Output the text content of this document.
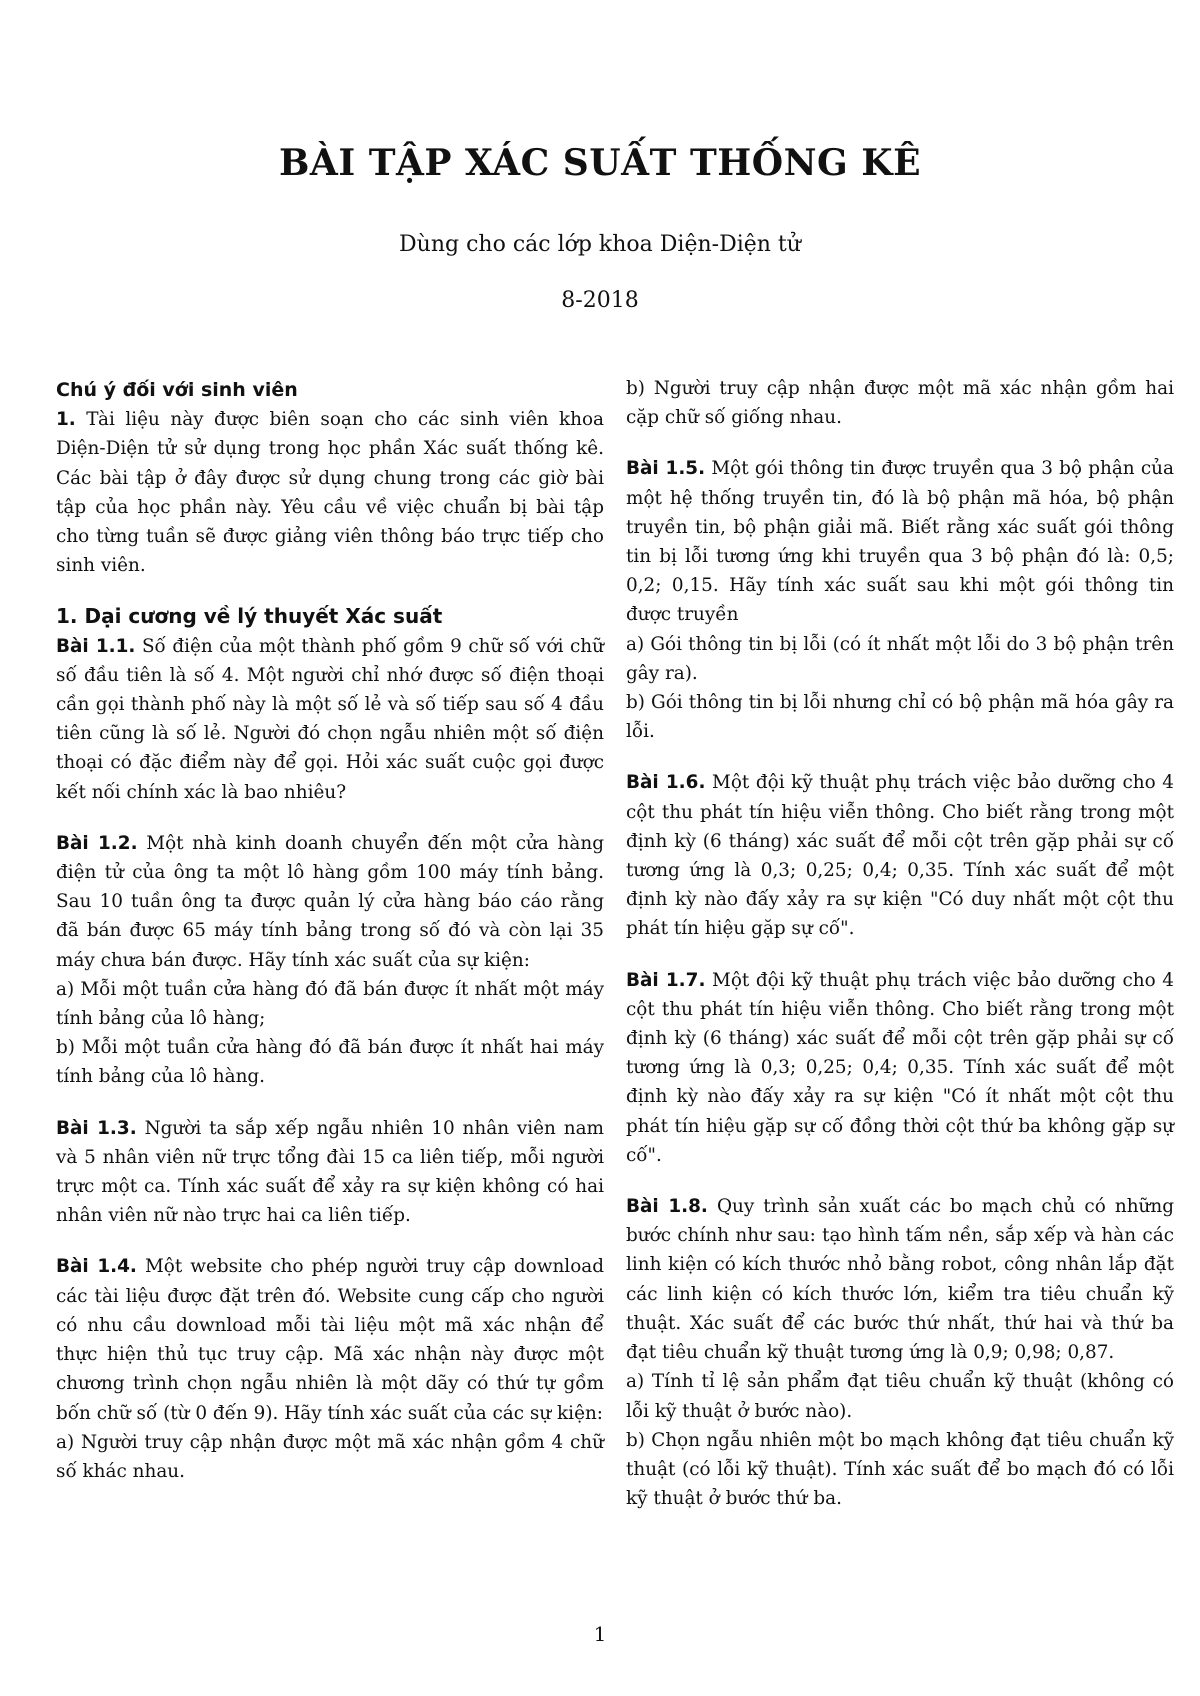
BÀI TẬP XÁC SUẤT THỐNG KÊ
Dùng cho các lớp khoa Diện-Diện tử
8-2018

Chú ý đối với sinh viên

1. Tài liệu này được biên soạn cho các sinh viên khoa Diện-Diện tử sử dụng trong học phần Xác suất thống kê. Các bài tập ở đây được sử dụng chung trong các giờ bài tập của học phần này. Yêu cầu về việc chuẩn bị bài tập cho từng tuần sẽ được giảng viên thông báo trực tiếp cho sinh viên.

1. Dại cương về lý thuyết Xác suất

Bài 1.1. Số điện của một thành phố gồm 9 chữ số với chữ số đầu tiên là số 4. Một người chỉ nhớ được số điện thoại cần gọi thành phố này là một số lẻ và số tiếp sau số 4 đầu tiên cũng là số lẻ. Người đó chọn ngẫu nhiên một số điện thoại có đặc điểm này để gọi. Hỏi xác suất cuộc gọi được kết nối chính xác là bao nhiêu?

Bài 1.2. Một nhà kinh doanh chuyển đến một cửa hàng điện tử của ông ta một lô hàng gồm 100 máy tính bảng. Sau 10 tuần ông ta được quản lý cửa hàng báo cáo rằng đã bán được 65 máy tính bảng trong số đó và còn lại 35 máy chưa bán được. Hãy tính xác suất của sự kiện:

a) Mỗi một tuần cửa hàng đó đã bán được ít nhất một máy tính bảng của lô hàng;

b) Mỗi một tuần cửa hàng đó đã bán được ít nhất hai máy tính bảng của lô hàng.

Bài 1.3. Người ta sắp xếp ngẫu nhiên 10 nhân viên nam và 5 nhân viên nữ trực tổng đài 15 ca liên tiếp, mỗi người trực một ca. Tính xác suất để xảy ra sự kiện không có hai nhân viên nữ nào trực hai ca liên tiếp.

Bài 1.4. Một website cho phép người truy cập download các tài liệu được đặt trên đó. Website cung cấp cho người có nhu cầu download mỗi tài liệu một mã xác nhận để thực hiện thủ tục truy cập. Mã xác nhận này được một chương trình chọn ngẫu nhiên là một dãy có thứ tự gồm bốn chữ số (từ 0 đến 9). Hãy tính xác suất của các sự kiện:

a) Người truy cập nhận được một mã xác nhận gồm 4 chữ số khác nhau.

b) Người truy cập nhận được một mã xác nhận gồm hai cặp chữ số giống nhau.

Bài 1.5. Một gói thông tin được truyền qua 3 bộ phận của một hệ thống truyền tin, đó là bộ phận mã hóa, bộ phận truyền tin, bộ phận giải mã. Biết rằng xác suất gói thông tin bị lỗi tương ứng khi truyền qua 3 bộ phận đó là: 0,5; 0,2; 0,15. Hãy tính xác suất sau khi một gói thông tin được truyền

a) Gói thông tin bị lỗi (có ít nhất một lỗi do 3 bộ phận trên gây ra).

b) Gói thông tin bị lỗi nhưng chỉ có bộ phận mã hóa gây ra lỗi.

Bài 1.6. Một đội kỹ thuật phụ trách việc bảo dưỡng cho 4 cột thu phát tín hiệu viễn thông. Cho biết rằng trong một định kỳ (6 tháng) xác suất để mỗi cột trên gặp phải sự cố tương ứng là 0,3; 0,25; 0,4; 0,35. Tính xác suất để một định kỳ nào đấy xảy ra sự kiện "Có duy nhất một cột thu phát tín hiệu gặp sự cố".

Bài 1.7. Một đội kỹ thuật phụ trách việc bảo dưỡng cho 4 cột thu phát tín hiệu viễn thông. Cho biết rằng trong một định kỳ (6 tháng) xác suất để mỗi cột trên gặp phải sự cố tương ứng là 0,3; 0,25; 0,4; 0,35. Tính xác suất để một định kỳ nào đấy xảy ra sự kiện "Có ít nhất một cột thu phát tín hiệu gặp sự cố đồng thời cột thứ ba không gặp sự cố".

Bài 1.8. Quy trình sản xuất các bo mạch chủ có những bước chính như sau: tạo hình tấm nền, sắp xếp và hàn các linh kiện có kích thước nhỏ bằng robot, công nhân lắp đặt các linh kiện có kích thước lớn, kiểm tra tiêu chuẩn kỹ thuật. Xác suất để các bước thứ nhất, thứ hai và thứ ba đạt tiêu chuẩn kỹ thuật tương ứng là 0,9; 0,98; 0,87.

a) Tính tỉ lệ sản phẩm đạt tiêu chuẩn kỹ thuật (không có lỗi kỹ thuật ở bước nào).

b) Chọn ngẫu nhiên một bo mạch không đạt tiêu chuẩn kỹ thuật (có lỗi kỹ thuật). Tính xác suất để bo mạch đó có lỗi kỹ thuật ở bước thứ ba.

1
